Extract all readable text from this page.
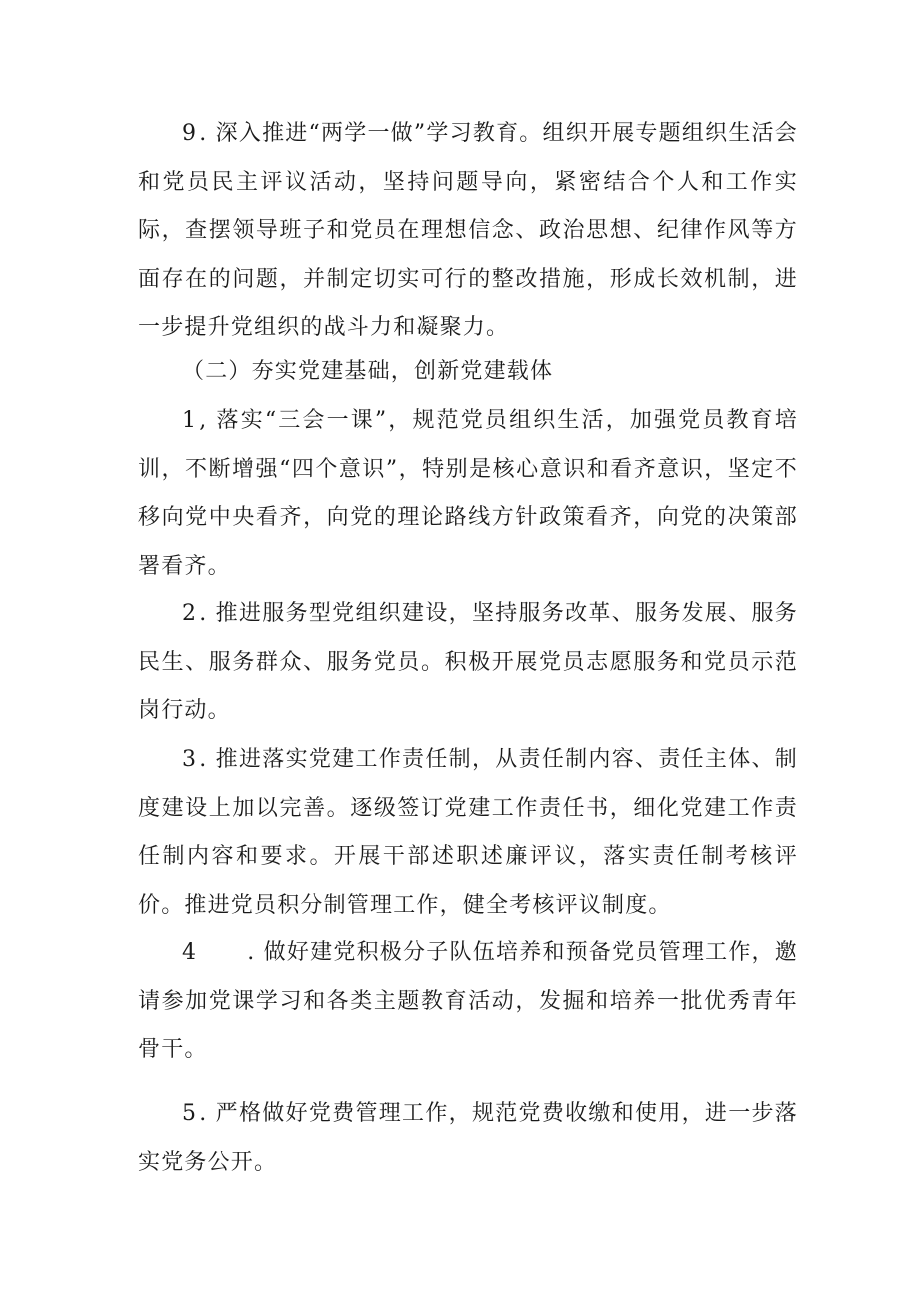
9. 深入推进“两学一做”学习教育。组织开展专题组织生活会和党员民主评议活动，坚持问题导向，紧密结合个人和工作实际，查摆领导班子和党员在理想信念、政治思想、纪律作风等方面存在的问题，并制定切实可行的整改措施，形成长效机制，进一步提升党组织的战斗力和凝聚力。

（二）夯实党建基础，创新党建载体

1, 落实“三会一课”，规范党员组织生活，加强党员教育培训，不断增强“四个意识”，特别是核心意识和看齐意识，坚定不移向党中央看齐，向党的理论路线方针政策看齐，向党的决策部署看齐。

2. 推进服务型党组织建设，坚持服务改革、服务发展、服务民生、服务群众、服务党员。积极开展党员志愿服务和党员示范岗行动。

3. 推进落实党建工作责任制，从责任制内容、责任主体、制度建设上加以完善。逐级签订党建工作责任书，细化党建工作责任制内容和要求。开展干部述职述廉评议，落实责任制考核评价。推进党员积分制管理工作，健全考核评议制度。

4 . 做好建党积极分子队伍培养和预备党员管理工作，邀请参加党课学习和各类主题教育活动，发掘和培养一批优秀青年骨干。

5. 严格做好党费管理工作，规范党费收缴和使用，进一步落实党务公开。
